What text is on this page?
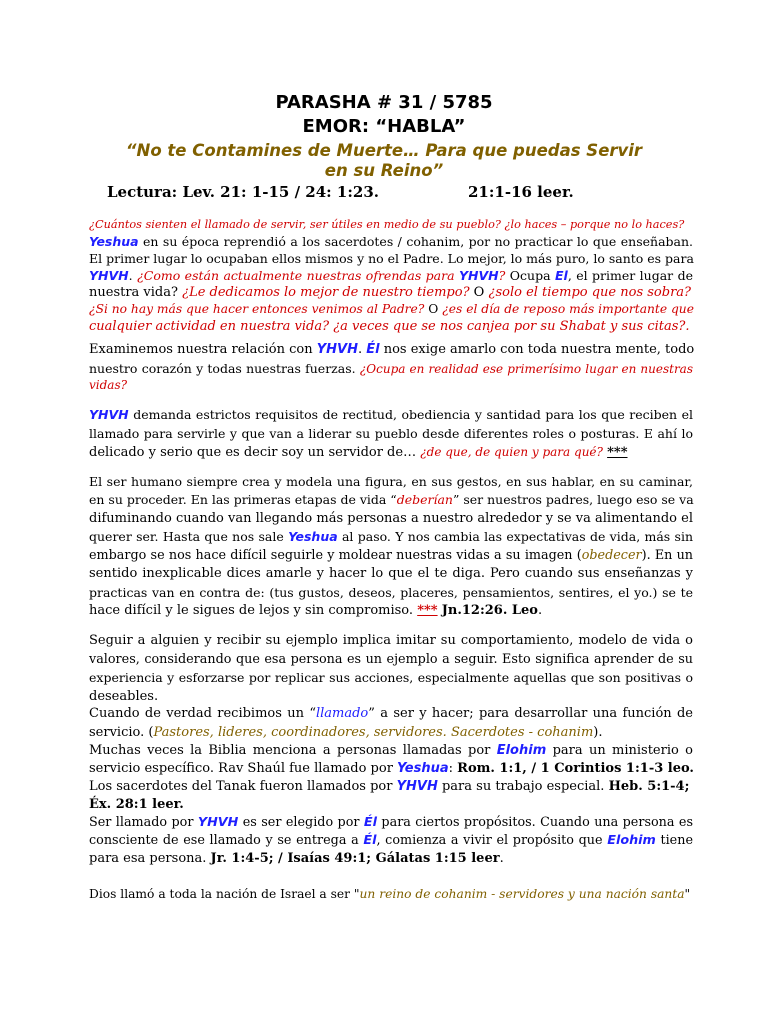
PARASHA # 31 / 5785
EMOR: “HABLA”
“No te Contamines de Muerte… Para que puedas Servir
en su Reino”
Lectura: Lev. 21: 1-15 / 24: 1:23.	21:1-16 leer.
¿Cuántos sienten el llamado de servir, ser útiles en medio de su pueblo? ¿lo haces – porque no lo haces?
Yeshua en su época reprendió a los sacerdotes / cohanim, por no practicar lo que enseñaban.
El primer lugar lo ocupaban ellos mismos y no el Padre. Lo mejor, lo más puro, lo santo es para
YHVH. ¿Como están actualmente nuestras ofrendas para YHVH? Ocupa El, el primer lugar de
nuestra vida? ¿Le dedicamos lo mejor de nuestro tiempo? O ¿solo el tiempo que nos sobra?
¿Si no hay más que hacer entonces venimos al Padre? O ¿es el día de reposo más importante que
cualquier actividad en nuestra vida? ¿a veces que se nos canjea por su Shabat y sus citas?.
Examinemos nuestra relación con YHVH. Él nos exige amarlo con toda nuestra mente, todo
nuestro corazón y todas nuestras fuerzas. ¿Ocupa en realidad ese primerísimo lugar en nuestras
vidas?
YHVH demanda estrictos requisitos de rectitud, obediencia y santidad para los que reciben el
llamado para servirle y que van a liderar su pueblo desde diferentes roles o posturas. E ahí lo
delicado y serio que es decir soy un servidor de… ¿de que, de quien y para qué? ***
El ser humano siempre crea y modela una figura, en sus gestos, en sus hablar, en su caminar,
en su proceder. En las primeras etapas de vida “deberían” ser nuestros padres, luego eso se va
difuminando cuando van llegando más personas a nuestro alrededor y se va alimentando el
querer ser. Hasta que nos sale Yeshua al paso. Y nos cambia las expectativas de vida, más sin
embargo se nos hace difícil seguirle y moldear nuestras vidas a su imagen (obedecer). En un
sentido inexplicable dices amarle y hacer lo que el te diga. Pero cuando sus enseñanzas y
practicas van en contra de: (tus gustos, deseos, placeres, pensamientos, sentires, el yo.) se te
hace difícil y le sigues de lejos y sin compromiso. *** Jn.12:26. Leo.
Seguir a alguien y recibir su ejemplo implica imitar su comportamiento, modelo de vida o
valores, considerando que esa persona es un ejemplo a seguir. Esto significa aprender de su
experiencia y esforzarse por replicar sus acciones, especialmente aquellas que son positivas o
deseables.
Cuando de verdad recibimos un “llamado” a ser y hacer; para desarrollar una función de
servicio. (Pastores, lideres, coordinadores, servidores. Sacerdotes - cohanim).
Muchas veces la Biblia menciona a personas llamadas por Elohim para un ministerio o
servicio específico. Rav Shaúl fue llamado por Yeshua: Rom. 1:1, / 1 Corintios 1:1-3 leo.
Los sacerdotes del Tanak fueron llamados por YHVH para su trabajo especial. Heb. 5:1-4;
Éx. 28:1 leer.
Ser llamado por YHVH es ser elegido por Él para ciertos propósitos. Cuando una persona es
consciente de ese llamado y se entrega a Él, comienza a vivir el propósito que Elohim tiene
para esa persona. Jr. 1:4-5; / Isaías 49:1; Gálatas 1:15 leer.
Dios llamó a toda la nación de Israel a ser "un reino de cohanim - servidores y una nación santa"
